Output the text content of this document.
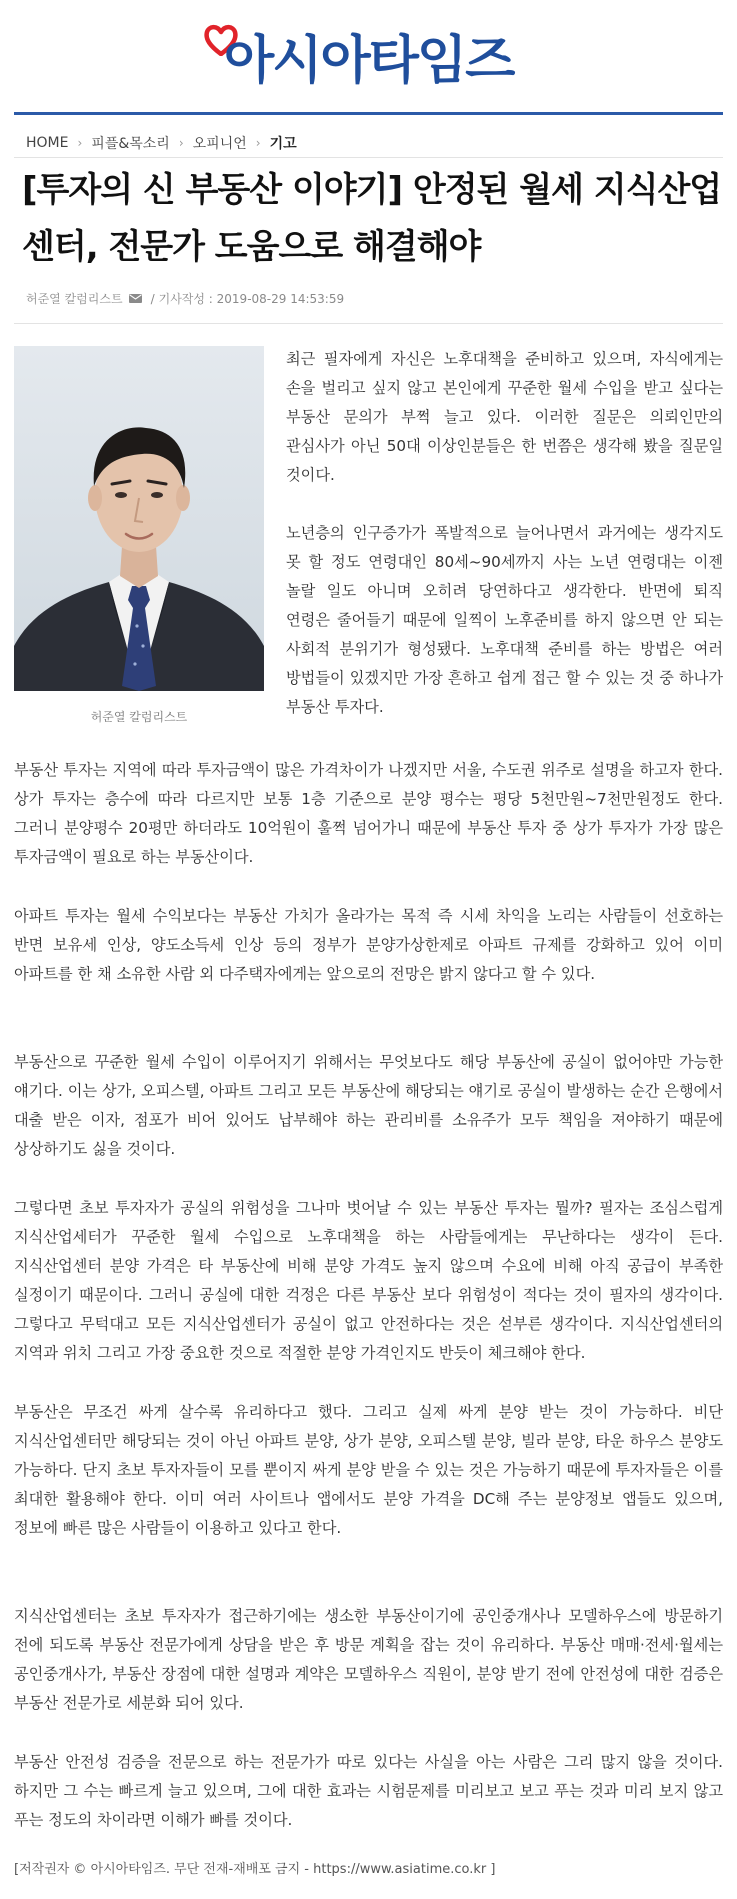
아시아타임즈
HOME › 피플&목소리 › 오피니언 › 기고
[투자의 신 부동산 이야기] 안정된 월세 지식산업센터, 전문가 도움으로 해결해야
허준열 칼럼리스트 / 기사작성 : 2019-08-29 14:53:59
허준열 칼럼리스트

최근 필자에게 자신은 노후대책을 준비하고 있으며, 자식에게는 손을 벌리고 싶지 않고 본인에게 꾸준한 월세 수입을 받고 싶다는 부동산 문의가 부쩍 늘고 있다. 이러한 질문은 의뢰인만의 관심사가 아닌 50대 이상인분들은 한 번쯤은 생각해 봤을 질문일 것이다.

노년층의 인구증가가 폭발적으로 늘어나면서 과거에는 생각지도 못 할 정도 연령대인 80세~90세까지 사는 노년 연령대는 이젠 놀랄 일도 아니며 오히려 당연하다고 생각한다. 반면에 퇴직 연령은 줄어들기 때문에 일찍이 노후준비를 하지 않으면 안 되는 사회적 분위기가 형성됐다. 노후대책 준비를 하는 방법은 여러 방법들이 있겠지만 가장 흔하고 쉽게 접근 할 수 있는 것 중 하나가 부동산 투자다.

부동산 투자는 지역에 따라 투자금액이 많은 가격차이가 나겠지만 서울, 수도권 위주로 설명을 하고자 한다. 상가 투자는 층수에 따라 다르지만 보통 1층 기준으로 분양 평수는 평당 5천만원~7천만원정도 한다. 그러니 분양평수 20평만 하더라도 10억원이 훌쩍 넘어가니 때문에 부동산 투자 중 상가 투자가 가장 많은 투자금액이 필요로 하는 부동산이다.

아파트 투자는 월세 수익보다는 부동산 가치가 올라가는 목적 즉 시세 차익을 노리는 사람들이 선호하는 반면 보유세 인상, 양도소득세 인상 등의 정부가 분양가상한제로 아파트 규제를 강화하고 있어 이미 아파트를 한 채 소유한 사람 외 다주택자에게는 앞으로의 전망은 밝지 않다고 할 수 있다.

부동산으로 꾸준한 월세 수입이 이루어지기 위해서는 무엇보다도 해당 부동산에 공실이 없어야만 가능한 얘기다. 이는 상가, 오피스텔, 아파트 그리고 모든 부동산에 해당되는 얘기로 공실이 발생하는 순간 은행에서 대출 받은 이자, 점포가 비어 있어도 납부해야 하는 관리비를 소유주가 모두 책임을 져야하기 때문에 상상하기도 싫을 것이다.

그렇다면 초보 투자자가 공실의 위험성을 그나마 벗어날 수 있는 부동산 투자는 뭘까? 필자는 조심스럽게 지식산업세터가 꾸준한 월세 수입으로 노후대책을 하는 사람들에게는 무난하다는 생각이 든다. 지식산업센터 분양 가격은 타 부동산에 비해 분양 가격도 높지 않으며 수요에 비해 아직 공급이 부족한 실정이기 때문이다. 그러니 공실에 대한 걱정은 다른 부동산 보다 위험성이 적다는 것이 필자의 생각이다. 그렇다고 무턱대고 모든 지식산업센터가 공실이 없고 안전하다는 것은 섣부른 생각이다. 지식산업센터의 지역과 위치 그리고 가장 중요한 것으로 적절한 분양 가격인지도 반듯이 체크해야 한다.

부동산은 무조건 싸게 살수록 유리하다고 했다. 그리고 실제 싸게 분양 받는 것이 가능하다. 비단 지식산업센터만 해당되는 것이 아닌 아파트 분양, 상가 분양, 오피스텔 분양, 빌라 분양, 타운 하우스 분양도 가능하다. 단지 초보 투자자들이 모를 뿐이지 싸게 분양 받을 수 있는 것은 가능하기 때문에 투자자들은 이를 최대한 활용해야 한다. 이미 여러 사이트나 앱에서도 분양 가격을 DC해 주는 분양정보 앱들도 있으며, 정보에 빠른 많은 사람들이 이용하고 있다고 한다.

지식산업센터는 초보 투자자가 접근하기에는 생소한 부동산이기에 공인중개사나 모델하우스에 방문하기 전에 되도록 부동산 전문가에게 상담을 받은 후 방문 계획을 잡는 것이 유리하다. 부동산 매매·전세·월세는 공인중개사가, 부동산 장점에 대한 설명과 계약은 모델하우스 직원이, 분양 받기 전에 안전성에 대한 검증은 부동산 전문가로 세분화 되어 있다.

부동산 안전성 검증을 전문으로 하는 전문가가 따로 있다는 사실을 아는 사람은 그리 많지 않을 것이다. 하지만 그 수는 빠르게 늘고 있으며, 그에 대한 효과는 시험문제를 미리보고 보고 푸는 것과 미리 보지 않고 푸는 정도의 차이라면 이해가 빠를 것이다.

[저작권자 © 아시아타임즈. 무단 전재-재배포 금지 - https://www.asiatime.co.kr ]
